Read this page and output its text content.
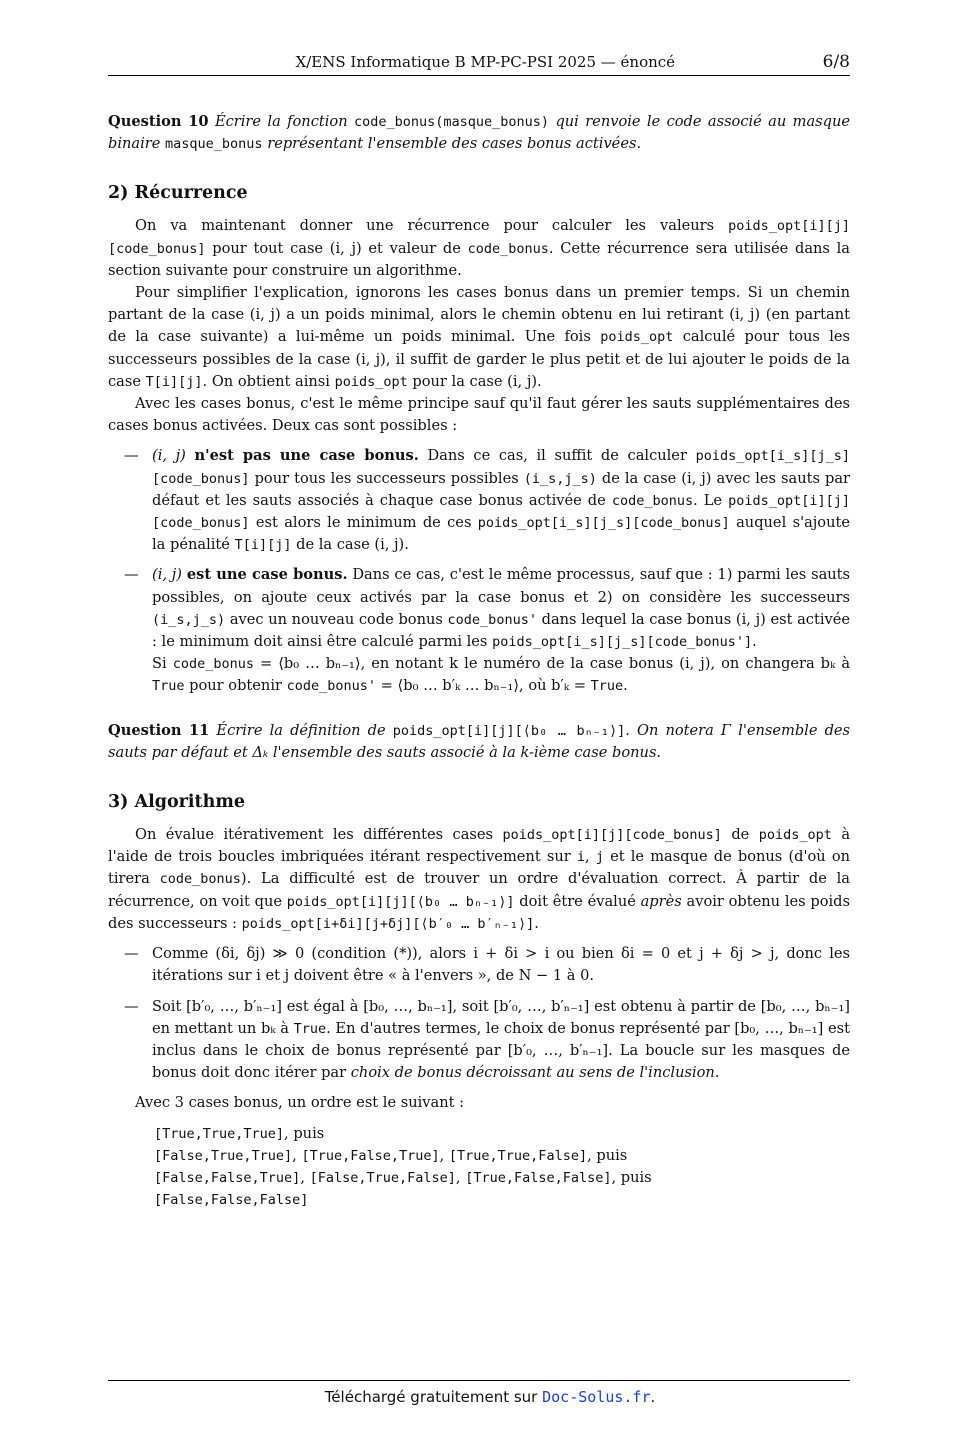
X/ENS Informatique B MP-PC-PSI 2025 — énoncé	6/8

Question 10 Écrire la fonction code_bonus(masque_bonus) qui renvoie le code associé au masque binaire masque_bonus représentant l'ensemble des cases bonus activées.

2) Récurrence

On va maintenant donner une récurrence pour calculer les valeurs poids_opt[i][j][code_bonus] pour tout case (i, j) et valeur de code_bonus. Cette récurrence sera utilisée dans la section suivante pour construire un algorithme.

Pour simplifier l'explication, ignorons les cases bonus dans un premier temps. Si un chemin partant de la case (i, j) a un poids minimal, alors le chemin obtenu en lui retirant (i, j) (en partant de la case suivante) a lui-même un poids minimal. Une fois poids_opt calculé pour tous les successeurs possibles de la case (i, j), il suffit de garder le plus petit et de lui ajouter le poids de la case T[i][j]. On obtient ainsi poids_opt pour la case (i, j).

Avec les cases bonus, c'est le même principe sauf qu'il faut gérer les sauts supplémentaires des cases bonus activées. Deux cas sont possibles :

— (i, j) n'est pas une case bonus. Dans ce cas, il suffit de calculer poids_opt[i_s][j_s][code_bonus] pour tous les successeurs possibles (i_s,j_s) de la case (i, j) avec les sauts par défaut et les sauts associés à chaque case bonus activée de code_bonus. Le poids_opt[i][j][code_bonus] est alors le minimum de ces poids_opt[i_s][j_s][code_bonus] auquel s'ajoute la pénalité T[i][j] de la case (i, j).
— (i, j) est une case bonus. Dans ce cas, c'est le même processus, sauf que : 1) parmi les sauts possibles, on ajoute ceux activés par la case bonus et 2) on considère les successeurs (i_s,j_s) avec un nouveau code bonus code_bonus' dans lequel la case bonus (i, j) est activée : le minimum doit ainsi être calculé parmi les poids_opt[i_s][j_s][code_bonus'].
Si code_bonus = ⟨b₀ … bₙ₋₁⟩, en notant k le numéro de la case bonus (i, j), on changera bₖ à True pour obtenir code_bonus' = ⟨b₀ … b′ₖ … bₙ₋₁⟩, où b′ₖ = True.

Question 11 Écrire la définition de poids_opt[i][j][⟨b₀ … bₙ₋₁⟩]. On notera Γ l'ensemble des sauts par défaut et Δₖ l'ensemble des sauts associé à la k-ième case bonus.

3) Algorithme

On évalue itérativement les différentes cases poids_opt[i][j][code_bonus] de poids_opt à l'aide de trois boucles imbriquées itérant respectivement sur i, j et le masque de bonus (d'où on tirera code_bonus). La difficulté est de trouver un ordre d'évaluation correct. À partir de la récurrence, on voit que poids_opt[i][j][⟨b₀ … bₙ₋₁⟩] doit être évalué après avoir obtenu les poids des successeurs : poids_opt[i+δi][j+δj][⟨b′₀ … b′ₙ₋₁⟩].

— Comme (δi, δj) ≫ 0 (condition (*)), alors i + δi > i ou bien δi = 0 et j + δj > j, donc les itérations sur i et j doivent être « à l'envers », de N − 1 à 0.
— Soit [b′₀, …, b′ₙ₋₁] est égal à [b₀, …, bₙ₋₁], soit [b′₀, …, b′ₙ₋₁] est obtenu à partir de [b₀, …, bₙ₋₁] en mettant un bₖ à True. En d'autres termes, le choix de bonus représenté par [b₀, …, bₙ₋₁] est inclus dans le choix de bonus représenté par [b′₀, …, b′ₙ₋₁]. La boucle sur les masques de bonus doit donc itérer par choix de bonus décroissant au sens de l'inclusion.

Avec 3 cases bonus, un ordre est le suivant :

[True,True,True], puis
[False,True,True], [True,False,True], [True,True,False], puis
[False,False,True], [False,True,False], [True,False,False], puis
[False,False,False]
Téléchargé gratuitement sur Doc-Solus.fr.
